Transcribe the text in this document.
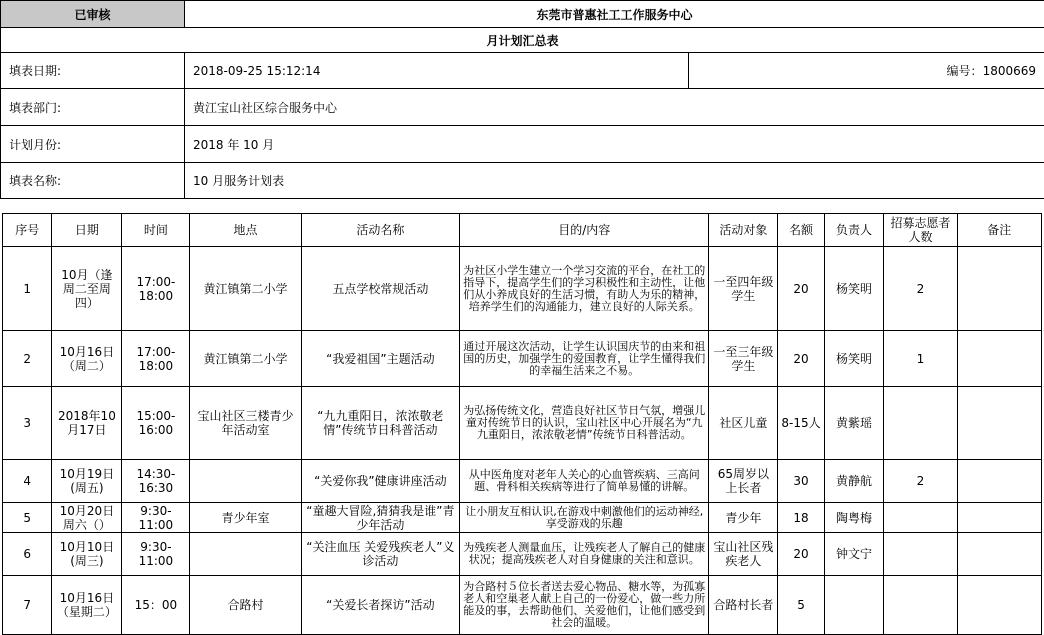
已审核	东莞市普惠社工工作服务中心	
月计划汇总表		
填表日期:	2018-09-25 15:12:14	编号：1800669
填表部门:	黄江宝山社区综合服务中心	
计划月份:	2018 年 10 月	
填表名称:	10 月服务计划表	
序号	日期	时间	地点	活动名称	目的/内容	活动对象	名额	负责人	招募志愿者人数	备注
1	10月（逢周二至周四）	17:00-18:00	黄江镇第二小学	五点学校常规活动	为社区小学生建立一个学习交流的平台，在社工的指导下，提高学生们的学习积极性和主动性，让他们从小养成良好的生活习惯，有助人为乐的精神，培养学生们的沟通能力，建立良好的人际关系。	一至四年级学生	20	杨笑明	2	
2	10月16日（周二）	17:00-18:00	黄江镇第二小学	“我爱祖国”主题活动	通过开展这次活动，让学生认识国庆节的由来和祖国的历史，加强学生的爱国教育，让学生懂得我们的幸福生活来之不易。	一至三年级学生	20	杨笑明	1	
3	2018年10月17日	15:00-16:00	宝山社区三楼青少年活动室	“九九重阳日，浓浓敬老情”传统节日科普活动	为弘扬传统文化，营造良好社区节日气氛，增强儿童对传统节日的认识，宝山社区中心开展名为“九九重阳日，浓浓敬老情”传统节日科普活动。	社区儿童	8-15人	黄紫瑶		
4	10月19日(周五)	14:30-16:30		“关爱你我”健康讲座活动	从中医角度对老年人关心的心血管疾病、三高问题、骨科相关疾病等进行了简单易懂的讲解。	65周岁以上长者	30	黄静航	2	
5	10月20日周六（）	9:30-11:00	青少年室	“童趣大冒险,猜猜我是谁”青少年活动	让小朋友互相认识,在游戏中刺激他们的运动神经,享受游戏的乐趣	青少年	18	陶粤梅		
6	10月10日(周三)	9:30-11:00		“关注血压 关爱残疾老人”义诊活动	为残疾老人测量血压，让残疾老人了解自己的健康状况；提高残疾老人对自身健康的关注和意识。	宝山社区残疾老人	20	钟文宁		
7	10月16日（星期二）	15：00	合路村	“关爱长者探访”活动	为合路村５位长者送去爱心物品、糖水等，为孤寡老人和空巢老人献上自己的一份爱心，做一些力所能及的事，去帮助他们、关爱他们，让他们感受到社会的温暖。	合路村长者	5			
